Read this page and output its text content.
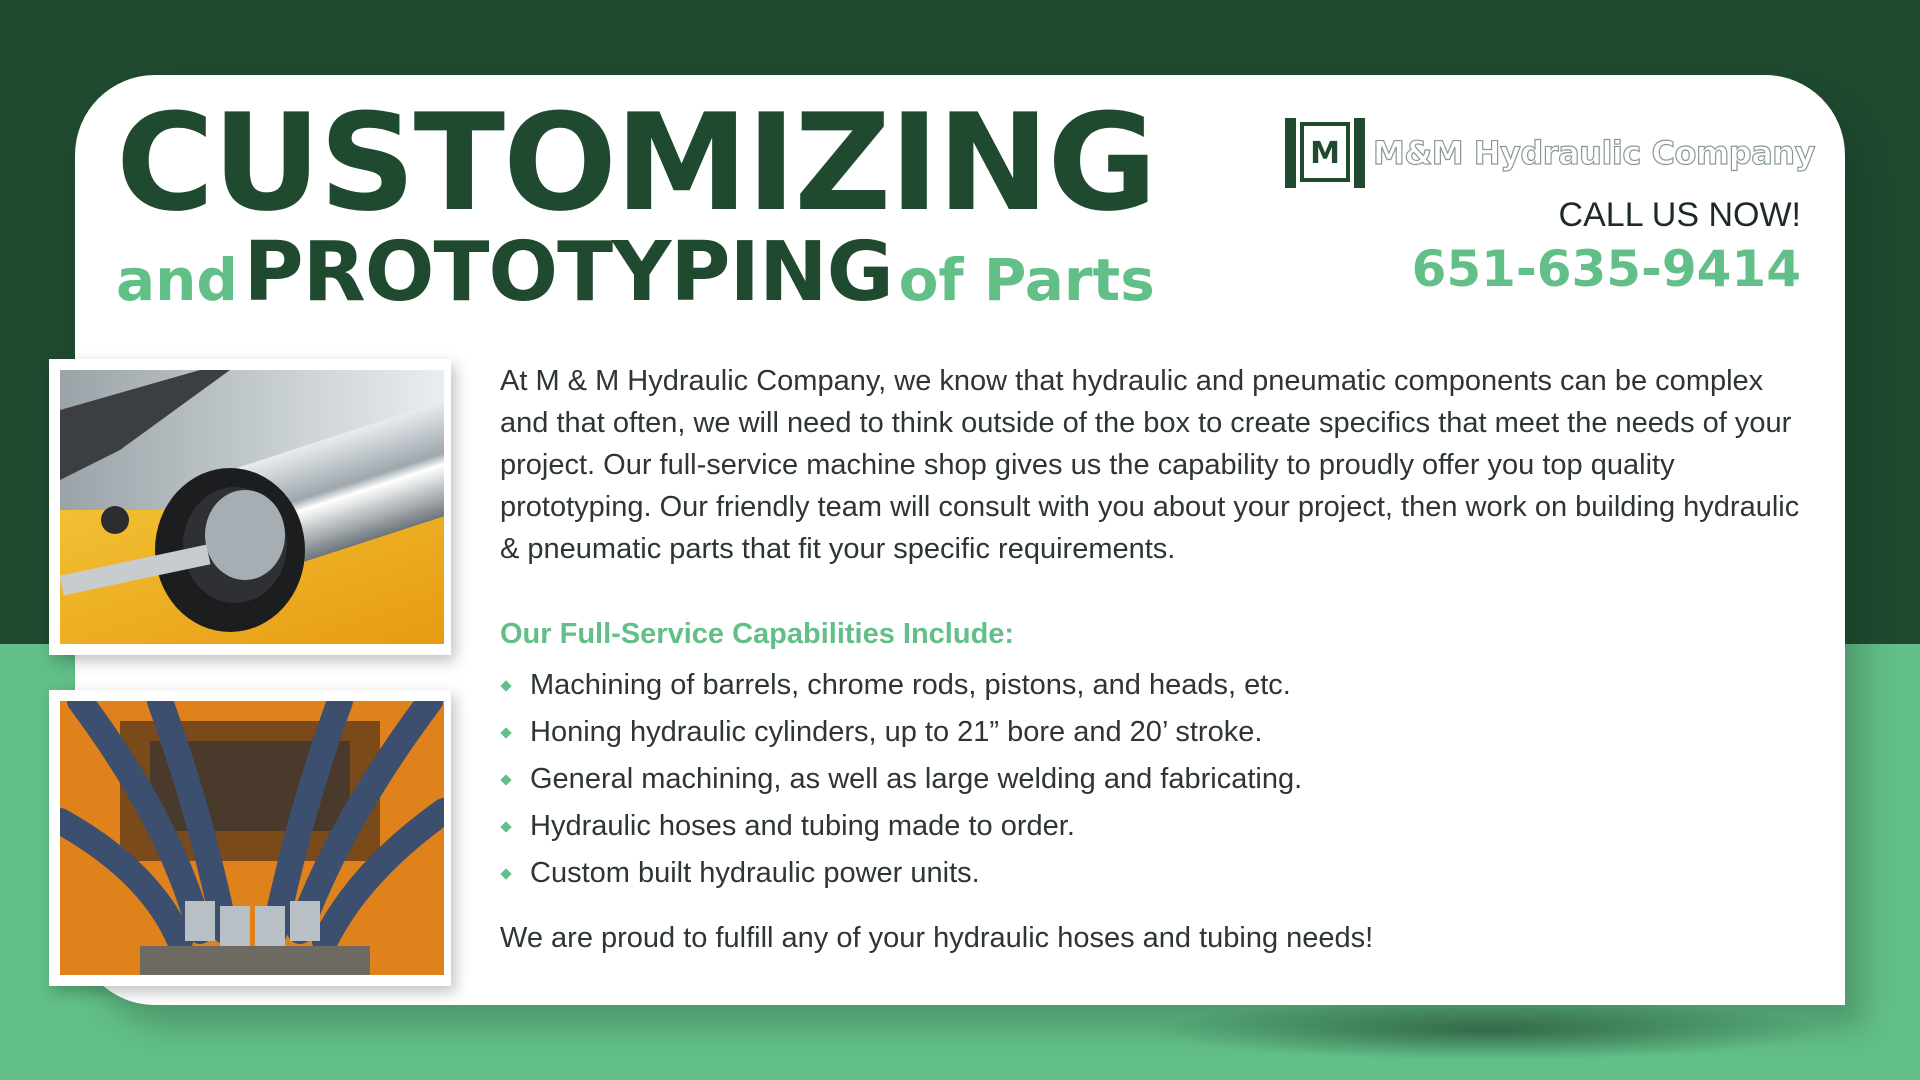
CUSTOMIZING
and PROTOTYPING of Parts
M	M&M Hydraulic Company

CALL US NOW!

651-635-9414

At M & M Hydraulic Company, we know that hydraulic and pneumatic components can be complex and that often, we will need to think outside of the box to create specifics that meet the needs of your project. Our full-service machine shop gives us the capability to proudly offer you top quality prototyping. Our friendly team will consult with you about your project, then work on building hydraulic & pneumatic parts that fit your specific requirements.

Our Full-Service Capabilities Include:

Machining of barrels, chrome rods, pistons, and heads, etc.
Honing hydraulic cylinders, up to 21” bore and 20’ stroke.
General machining, as well as large welding and fabricating.
Hydraulic hoses and tubing made to order.
Custom built hydraulic power units.

We are proud to fulfill any of your hydraulic hoses and tubing needs!
